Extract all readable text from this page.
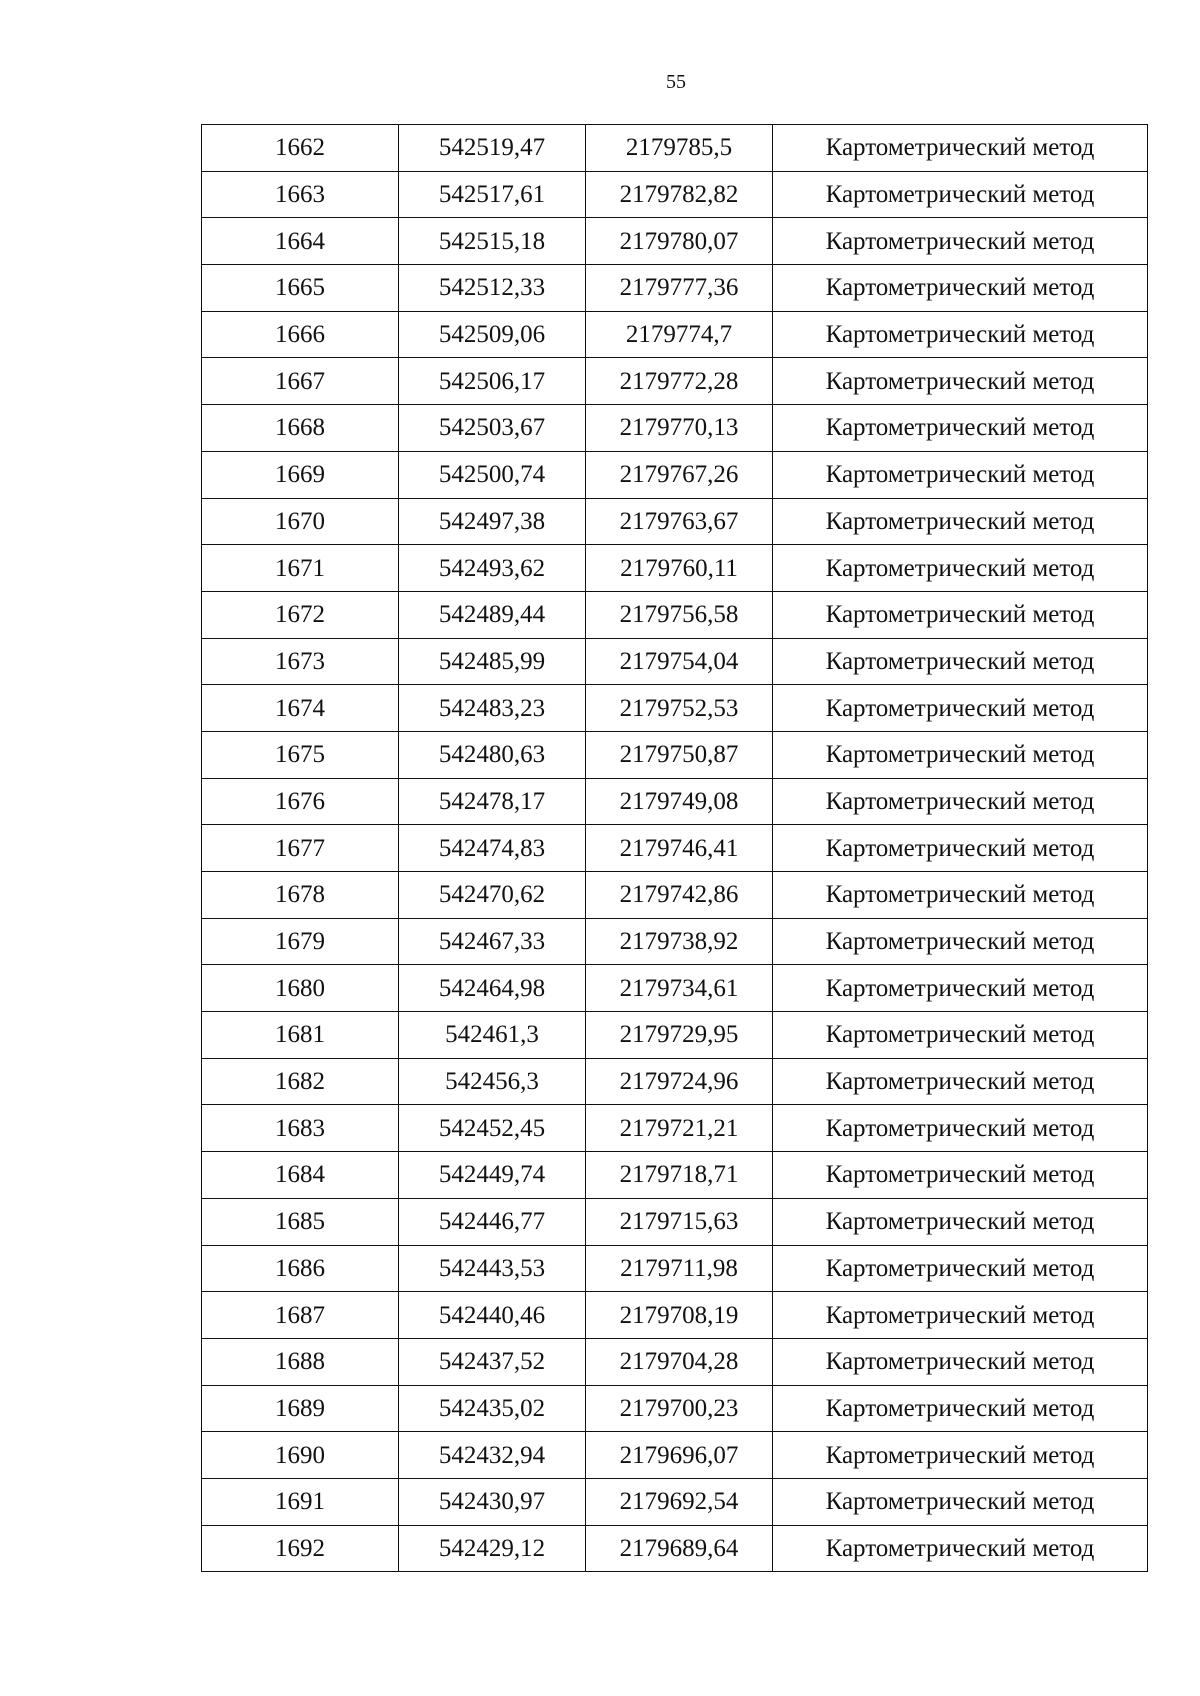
55
1662	542519,47	2179785,5	Картометрический метод
1663	542517,61	2179782,82	Картометрический метод
1664	542515,18	2179780,07	Картометрический метод
1665	542512,33	2179777,36	Картометрический метод
1666	542509,06	2179774,7	Картометрический метод
1667	542506,17	2179772,28	Картометрический метод
1668	542503,67	2179770,13	Картометрический метод
1669	542500,74	2179767,26	Картометрический метод
1670	542497,38	2179763,67	Картометрический метод
1671	542493,62	2179760,11	Картометрический метод
1672	542489,44	2179756,58	Картометрический метод
1673	542485,99	2179754,04	Картометрический метод
1674	542483,23	2179752,53	Картометрический метод
1675	542480,63	2179750,87	Картометрический метод
1676	542478,17	2179749,08	Картометрический метод
1677	542474,83	2179746,41	Картометрический метод
1678	542470,62	2179742,86	Картометрический метод
1679	542467,33	2179738,92	Картометрический метод
1680	542464,98	2179734,61	Картометрический метод
1681	542461,3	2179729,95	Картометрический метод
1682	542456,3	2179724,96	Картометрический метод
1683	542452,45	2179721,21	Картометрический метод
1684	542449,74	2179718,71	Картометрический метод
1685	542446,77	2179715,63	Картометрический метод
1686	542443,53	2179711,98	Картометрический метод
1687	542440,46	2179708,19	Картометрический метод
1688	542437,52	2179704,28	Картометрический метод
1689	542435,02	2179700,23	Картометрический метод
1690	542432,94	2179696,07	Картометрический метод
1691	542430,97	2179692,54	Картометрический метод
1692	542429,12	2179689,64	Картометрический метод
